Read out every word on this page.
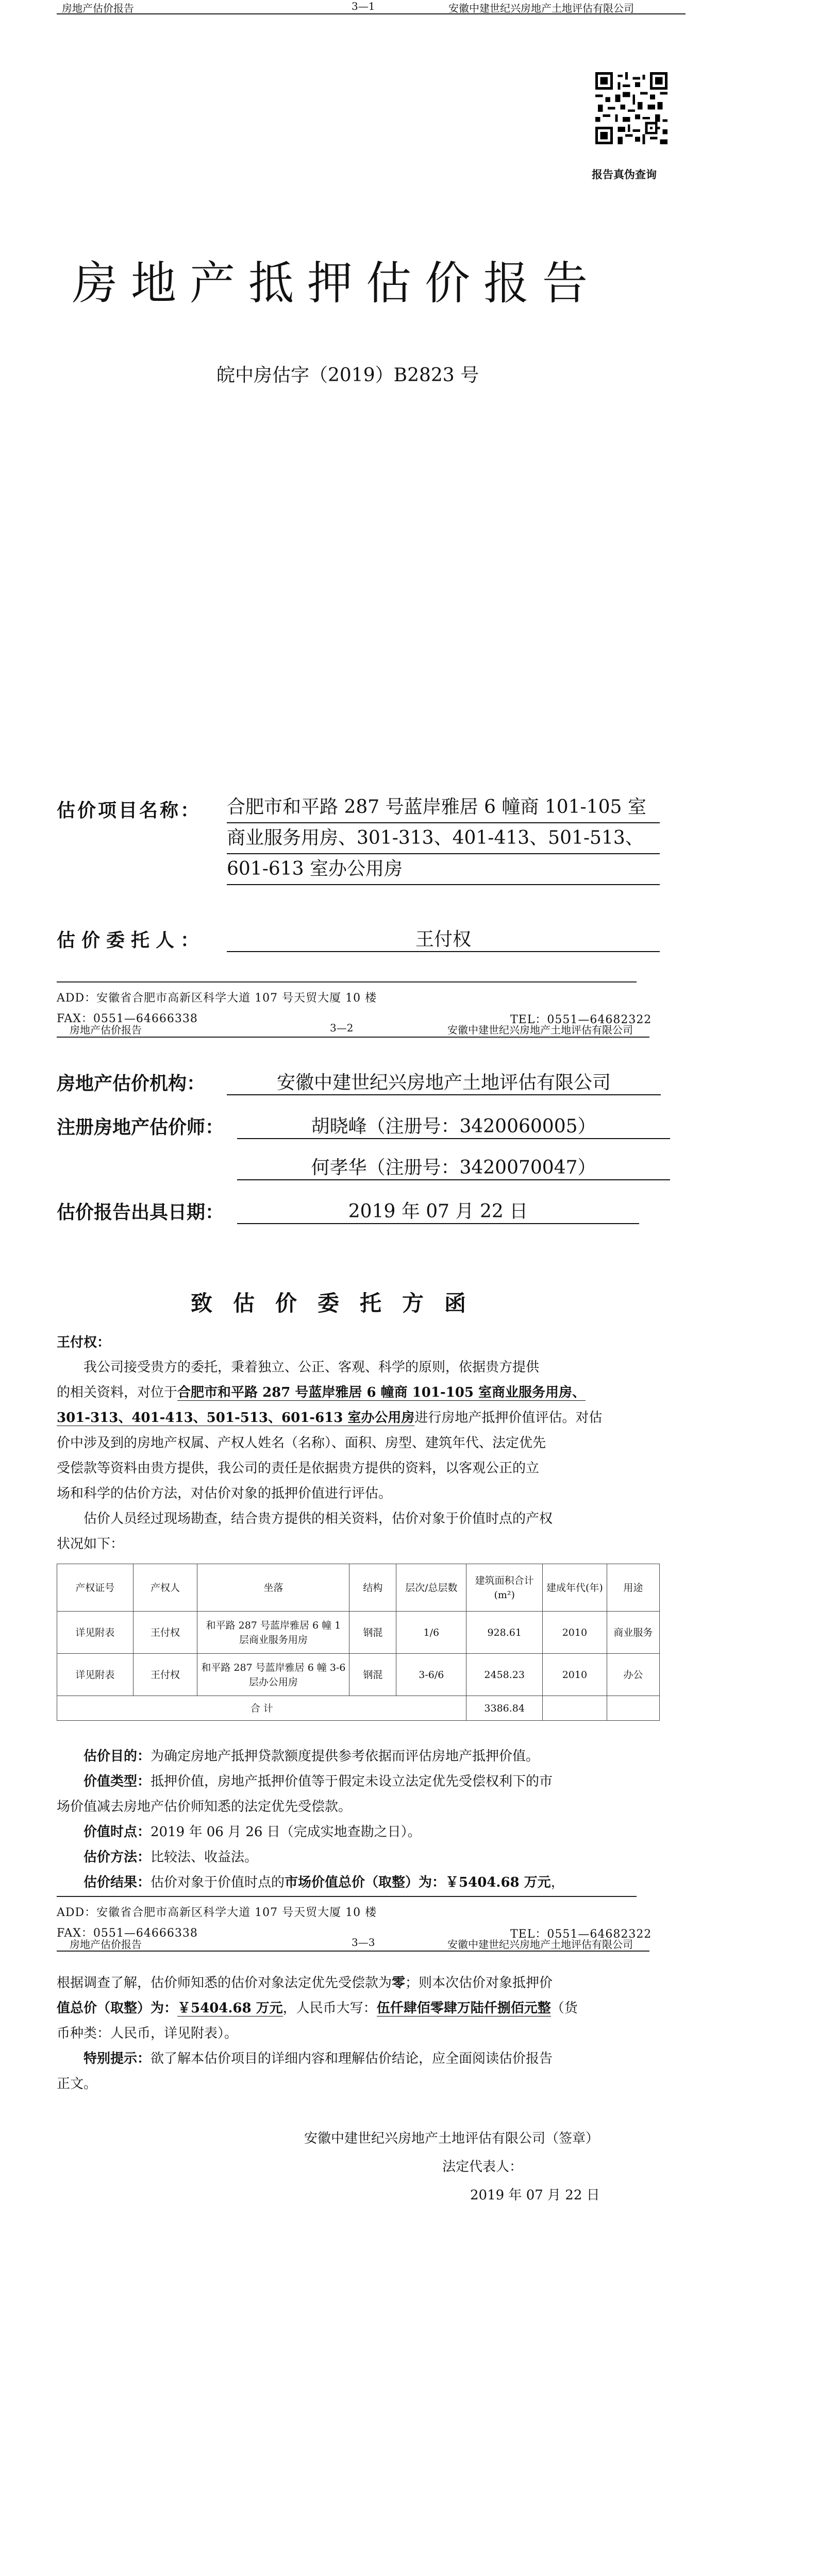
房地产估价报告	3—1	安徽中建世纪兴房地产土地评估有限公司
报告真伪查询
房地产抵押估价报告
皖中房估字（2019）B2823 号
估价项目名称： 合肥市和平路 287 号蓝岸雅居 6 幢商 101-105 室
商业服务用房、301-313、401-413、501-513、
601-613 室办公用房
估价委托人：	王付权
ADD：安徽省合肥市高新区科学大道 107 号天贸大厦 10 楼
FAX：0551—64666338	TEL：0551—64682322
房地产估价报告	3—2	安徽中建世纪兴房地产土地评估有限公司
房地产估价机构：	安徽中建世纪兴房地产土地评估有限公司
注册房地产估价师：	胡晓峰（注册号：3420060005）
何孝华（注册号：3420070047）
估价报告出具日期：	2019 年 07 月 22 日
致估价委托方函
王付权：
我公司接受贵方的委托，秉着独立、公正、客观、科学的原则，依据贵方提供
的相关资料，对位于合肥市和平路 287 号蓝岸雅居 6 幢商 101-105 室商业服务用房、
301-313、401-413、501-513、601-613 室办公用房进行房地产抵押价值评估。对估
价中涉及到的房地产权属、产权人姓名（名称）、面积、房型、建筑年代、法定优先
受偿款等资料由贵方提供，我公司的责任是依据贵方提供的资料，以客观公正的立
场和科学的估价方法，对估价对象的抵押价值进行评估。
估价人员经过现场勘查，结合贵方提供的相关资料，估价对象于价值时点的产权
状况如下：
产权证号	产权人	坐落	结构	层次/总层数	建筑面积合计(m²)	建成年代(年)	用途
详见附表	王付权	和平路 287 号蓝岸雅居 6 幢 1 层商业服务用房	钢混	1/6	928.61	2010	商业服务
详见附表	王付权	和平路 287 号蓝岸雅居 6 幢 3-6 层办公用房	钢混	3-6/6	2458.23	2010	办公
合 计					3386.84		
估价目的：为确定房地产抵押贷款额度提供参考依据而评估房地产抵押价值。
价值类型：抵押价值，房地产抵押价值等于假定未设立法定优先受偿权利下的市
场价值减去房地产估价师知悉的法定优先受偿款。
价值时点：2019 年 06 月 26 日（完成实地查勘之日）。
估价方法：比较法、收益法。
估价结果：估价对象于价值时点的市场价值总价（取整）为：￥5404.68 万元，
ADD：安徽省合肥市高新区科学大道 107 号天贸大厦 10 楼
FAX：0551—64666338	TEL：0551—64682322
房地产估价报告	3—3	安徽中建世纪兴房地产土地评估有限公司
根据调查了解，估价师知悉的估价对象法定优先受偿款为零；则本次估价对象抵押价
值总价（取整）为：￥5404.68 万元，人民币大写：伍仟肆佰零肆万陆仟捌佰元整（货
币种类：人民币，详见附表）。
特别提示：欲了解本估价项目的详细内容和理解估价结论，应全面阅读估价报告
正文。
安徽中建世纪兴房地产土地评估有限公司（签章）
法定代表人：
2019 年 07 月 22 日
